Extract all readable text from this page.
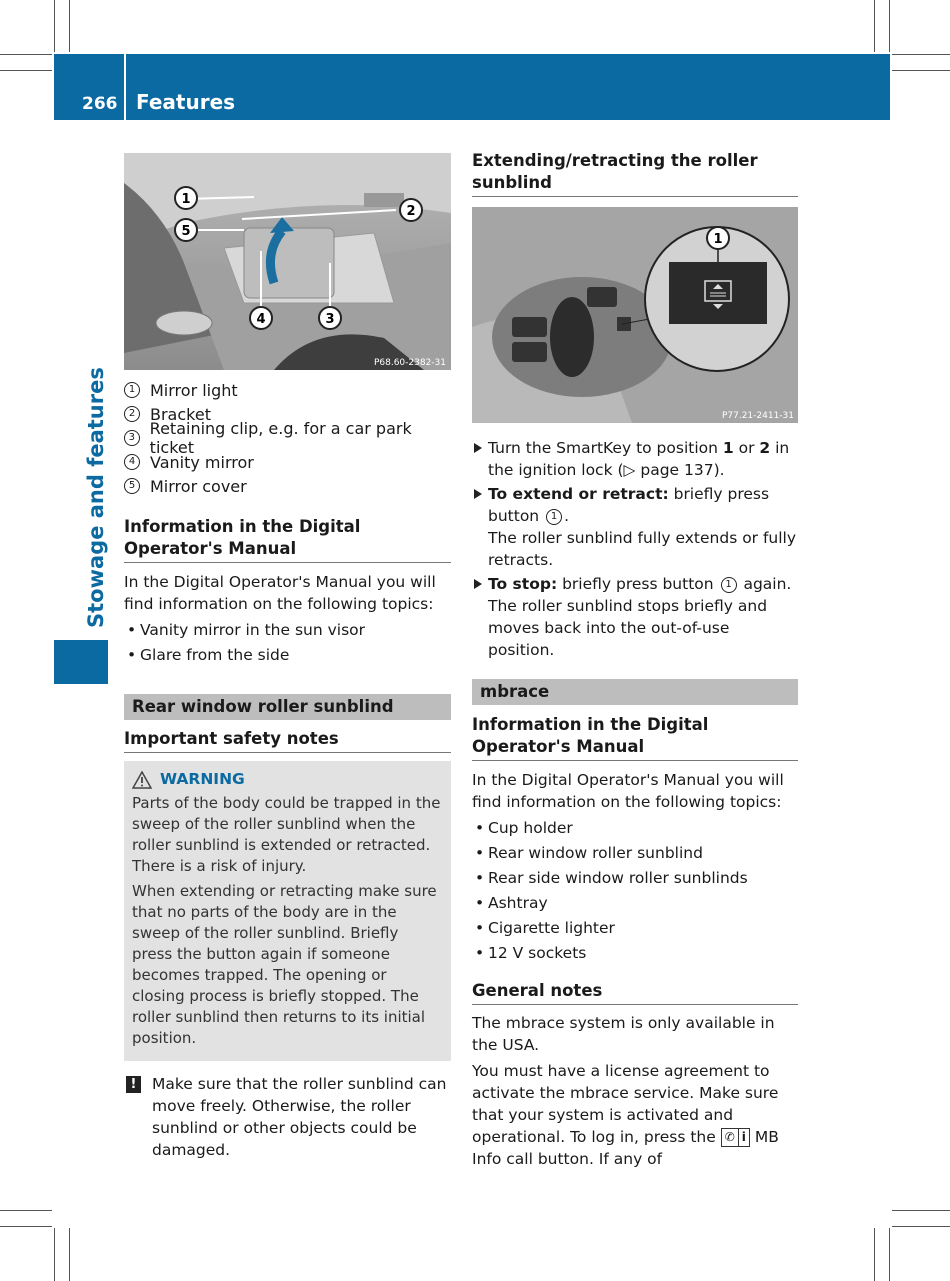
266 Features
Stowage and features
1
2
3
4
5
P68.60-2382-31
1 Mirror light
2 Bracket
3 Retaining clip, e.g. for a car park ticket
4 Vanity mirror
5 Mirror cover
Information in the Digital Operator's Manual

In the Digital Operator's Manual you will find information on the following topics:

• Vanity mirror in the sun visor
• Glare from the side
Rear window roller sunblind
Important safety notes
WARNING

Parts of the body could be trapped in the sweep of the roller sunblind when the roller sunblind is extended or retracted. There is a risk of injury.

When extending or retracting make sure that no parts of the body are in the sweep of the roller sunblind. Briefly press the button again if someone becomes trapped. The opening or closing process is briefly stopped. The roller sunblind then returns to its initial position.

!	Make sure that the roller sunblind can move freely. Otherwise, the roller sunblind or other objects could be damaged.

Extending/retracting the roller sunblind
1
P77.21-2411-31
Turn the SmartKey to position 1 or 2 in the ignition lock (▷ page 137).
To extend or retract: briefly press button 1 .
The roller sunblind fully extends or fully retracts.
To stop: briefly press button 1 again.
The roller sunblind stops briefly and moves back into the out-of-use position.
mbrace
Information in the Digital Operator's Manual

In the Digital Operator's Manual you will find information on the following topics:

• Cup holder
• Rear window roller sunblind
• Rear side window roller sunblinds
• Ashtray
• Cigarette lighter
• 12 V sockets
General notes

The mbrace system is only available in the USA.

You must have a license agreement to activate the mbrace service. Make sure that your system is activated and operational. To log in, press the ✆ i MB Info call button. If any of
